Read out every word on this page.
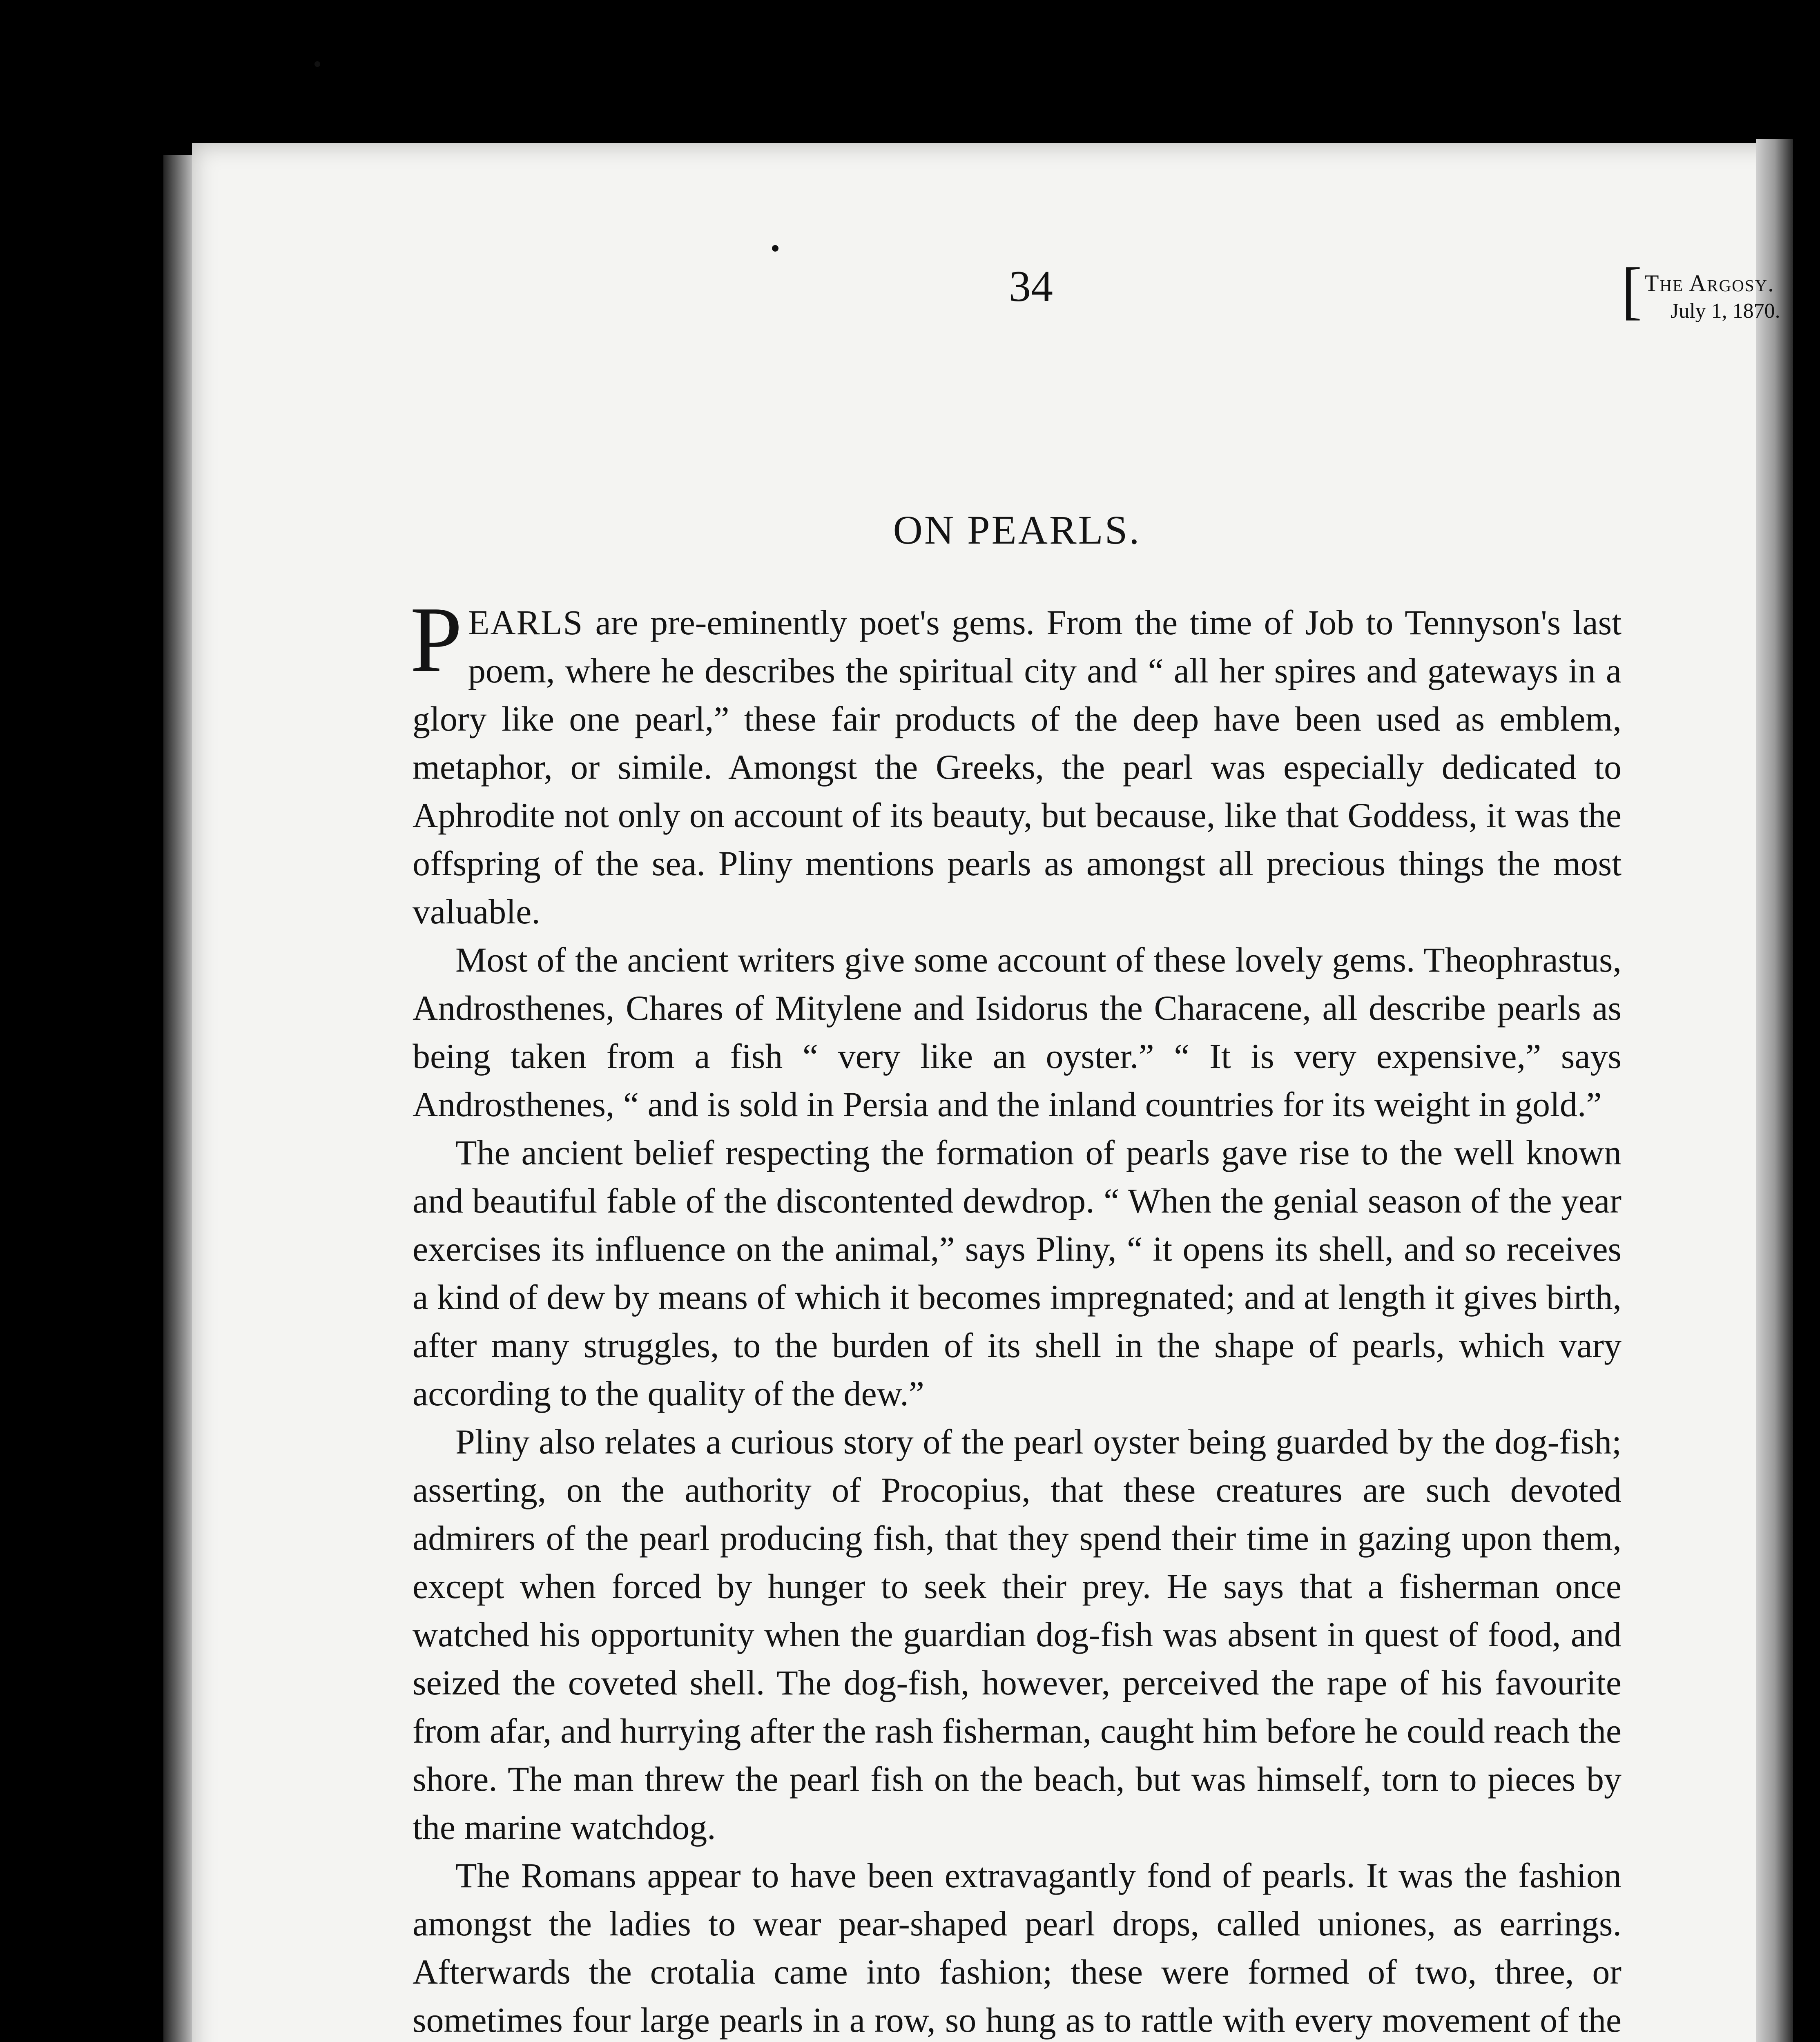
34	[ The Argosy.
July 1, 1870.
ON PEARLS.

PEARLS are pre-eminently poet's gems. From the time of Job to Tennyson's last poem, where he describes the spiritual city and “ all her spires and gateways in a glory like one pearl,” these fair products of the deep have been used as emblem, metaphor, or simile. Amongst the Greeks, the pearl was especially dedicated to Aphrodite not only on account of its beauty, but because, like that Goddess, it was the offspring of the sea. Pliny mentions pearls as amongst all precious things the most valuable.

Most of the ancient writers give some account of these lovely gems. Theophrastus, Androsthenes, Chares of Mitylene and Isidorus the Characene, all describe pearls as being taken from a fish “ very like an oyster.” “ It is very expensive,” says Androsthenes, “ and is sold in Persia and the inland countries for its weight in gold.”

The ancient belief respecting the formation of pearls gave rise to the well known and beautiful fable of the discontented dewdrop. “ When the genial season of the year exercises its influence on the animal,” says Pliny, “ it opens its shell, and so receives a kind of dew by means of which it becomes impregnated; and at length it gives birth, after many struggles, to the burden of its shell in the shape of pearls, which vary according to the quality of the dew.”

Pliny also relates a curious story of the pearl oyster being guarded by the dog-fish; asserting, on the authority of Procopius, that these creatures are such devoted admirers of the pearl producing fish, that they spend their time in gazing upon them, except when forced by hunger to seek their prey. He says that a fisherman once watched his opportunity when the guardian dog-fish was absent in quest of food, and seized the coveted shell. The dog-fish, however, perceived the rape of his favourite from afar, and hurrying after the rash fisherman, caught him before he could reach the shore. The man threw the pearl fish on the beach, but was himself, torn to pieces by the marine watchdog.

The Romans appear to have been extravagantly fond of pearls. It was the fashion amongst the ladies to wear pear-shaped pearl drops, called uniones, as earrings. Afterwards the crotalia came into fashion; these were formed of two, three, or sometimes four large pearls in a row, so hung as to rattle with every movement of the
